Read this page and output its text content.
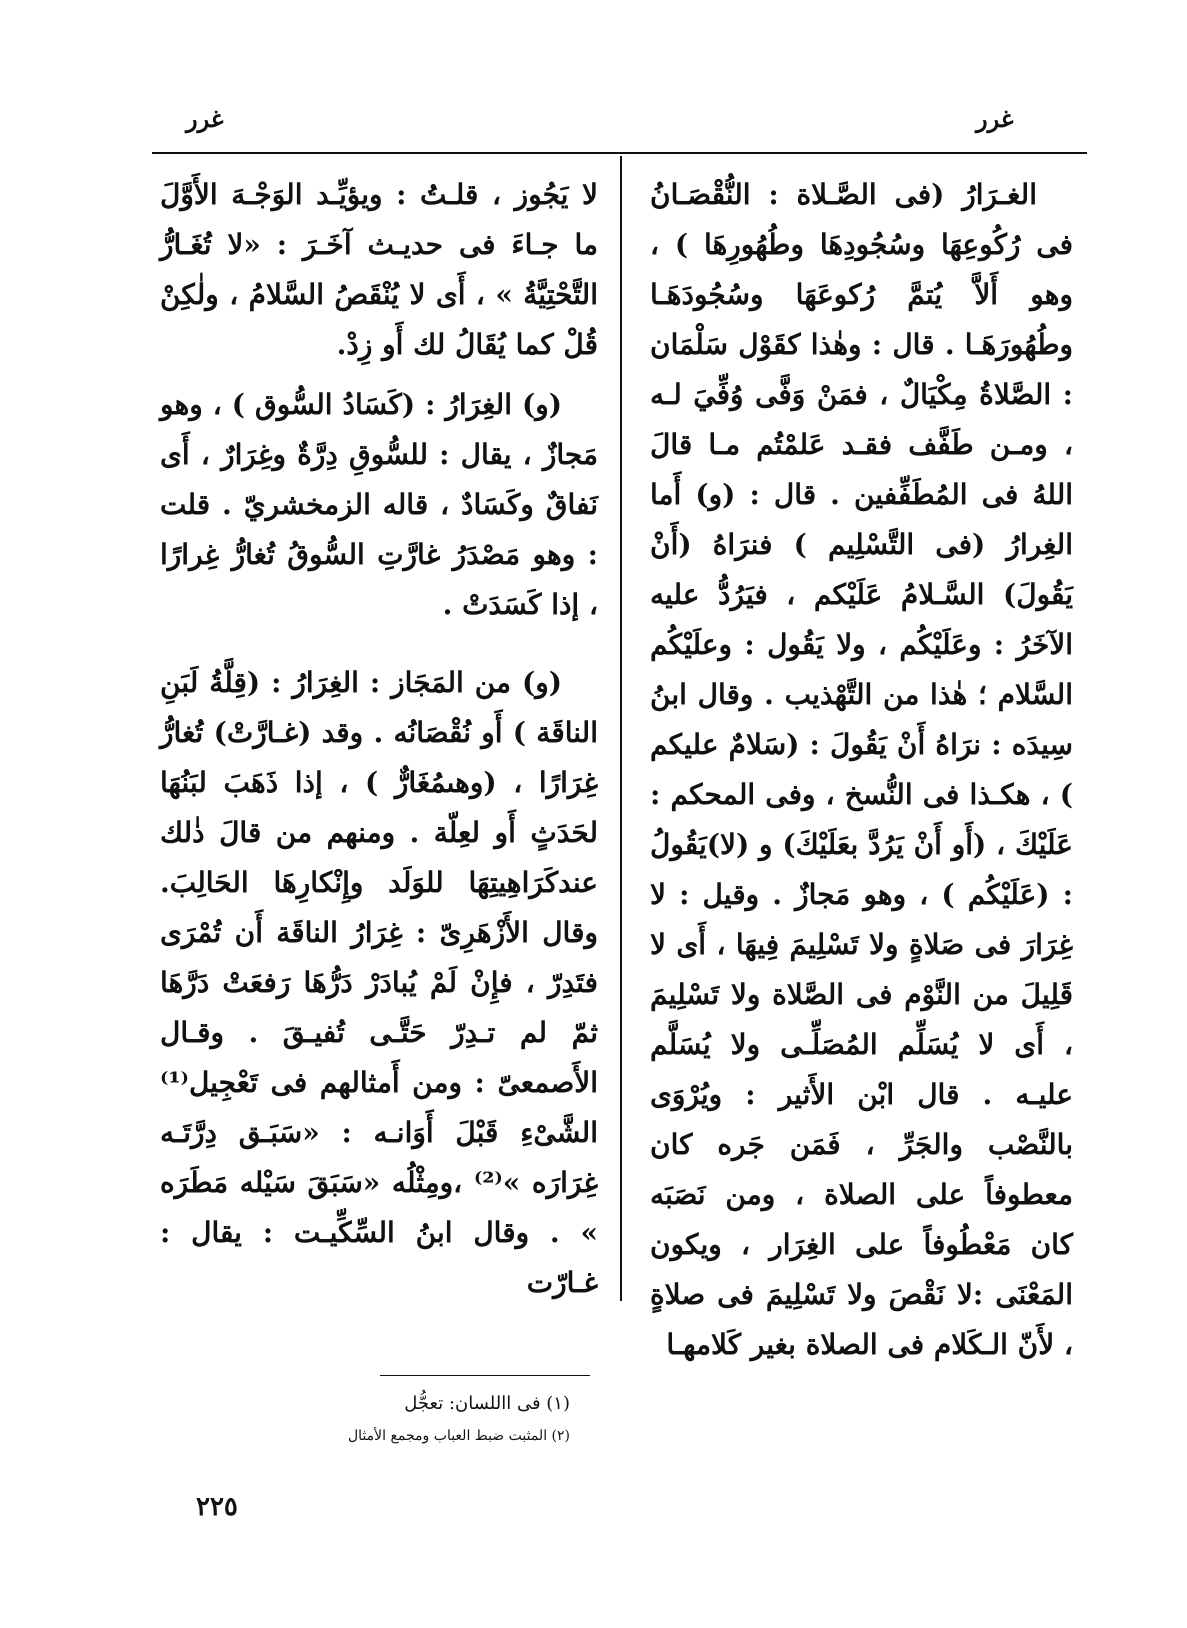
غرر
غرر

الغـرَارُ (فى الصَّـلاة : النُّقْصَـانُ فى رُكُوعِهَا وسُجُودِهَا وطُهُورِهَا ) ، وهو أَلاَّ يُتمَّ رُكوعَهَا وسُجُودَهَـا وطُهُورَهَـا . قال : وهٰذا كقَوْل سَلْمَان : الصَّلاةُ مِكْيَالٌ ، فمَنْ وَفَّى وُفِّيَ لـه ، ومـن طَفَّف فقـد عَلمْتُم مـا قالَ اللهُ فى المُطَفِّفين . قال : (و) أَما الغِرارُ (فى التَّسْلِيم ) فنرَاهُ (أَنْ يَقُولَ) السَّـلامُ عَلَيْكم ، فيَرُدُّ عليه الآخَرُ : وعَلَيْكُم ، ولا يَقُول : وعلَيْكُم السَّلام ؛ هٰذا من التَّهْذيب . وقال ابنُ سِيدَه : نرَاهُ أَنْ يَقُولَ : (سَلامٌ عليكم ) ، هكـذا فى النُّسخ ، وفى المحكم : عَلَيْكَ ، (أَو أَنْ يَرُدَّ بعَلَيْكَ) و (لا)يَقُولُ : (عَلَيْكُم ) ، وهو مَجازٌ . وقيل : لا غِرَارَ فى صَلاةٍ ولا تَسْلِيمَ فِيهَا ، أَى لا قَلِيلَ من النَّوْم فى الصَّلاة ولا تَسْلِيمَ ، أَى لا يُسَلِّم المُصَلِّـى ولا يُسَلَّم عليـه . قال ابْن الأَثير : ويُرْوَى بالنَّصْب والجَرِّ ، فَمَن جَره كان معطوفاً على الصلاة ، ومن نَصَبَه كان مَعْطُوفاً على الغِرَار ، ويكون المَعْنَى :لا نَقْصَ ولا تَسْلِيمَ فى صلاةٍ ، لأَنّ الـكَلام فى الصلاة بغير كَلامهـا

لا يَجُوز ، قلـتُ : ويؤيِّـد الوَجْـهَ الأَوَّلَ ما جـاءَ فى حديـث آخَـرَ : «لا تُغَـارُّ التَّحْتِيَّةُ » ، أَى لا يُنْقَصُ السَّلامُ ، ولٰكِنْ قُلْ كما يُقَالُ لك أَو زِدْ.

(و) الغِرَارُ : (كَسَادُ السُّوق ) ، وهو مَجازٌ ، يقال : للسُّوقِ دِرَّةٌ وغِرَارٌ ، أَى نَفاقٌ وكَسَادٌ ، قاله الزمخشريّ . قلت : وهو مَصْدَرُ غارَّتِ السُّوقُ تُغارُّ غِرارًا ، إذا كَسَدَتْ .

(و) من المَجَاز : الغِرَارُ : (قِلَّةُ لَبَنِ الناقَة ) أَو نُقْصَانُه . وقد (غـارَّتْ) تُغارُّ غِرَارًا ، (وهىمُغَارٌّ ) ، إذا ذَهَبَ لبَنُهَا لحَدَثٍ أَو لعِلّة . ومنهم من قالَ ذٰلك عندكَرَاهِيتِهَا للوَلَد وإِنْكارِهَا الحَالِبَ. وقال الأَزْهَرِىّ : غِرَارُ الناقَة أَن تُمْرَى فتَدِرّ ، فإِنْ لَمْ يُبادَرْ دَرُّهَا رَفعَتْ دَرَّهَا ثمّ لم تـدِرّ حَتَّـى تُفيـقَ . وقـال الأَصمعىّ : ومن أَمثالهم فى تَعْجِيل⁽¹⁾ الشَّىْءِ قَبْلَ أَوَانـه : «سَبَـق دِرَّتَـه غِرَارَه »⁽²⁾ ،ومِثْلُه «سَبَقَ سَيْله مَطَرَه » . وقال ابنُ السِّكِّيـت : يقال : غـارّت

(١) فى االلسان: تعجُّل

(٢) المثبت ضبط العباب ومجمع الأمثال

٢٢٥
